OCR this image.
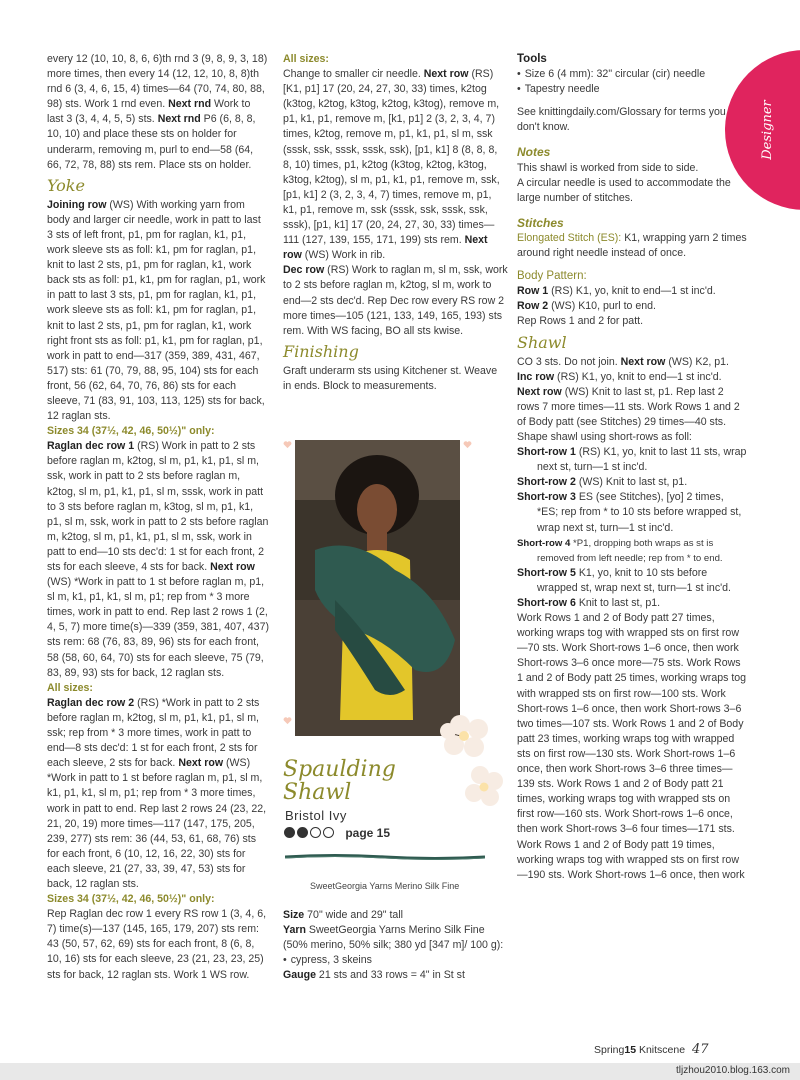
every 12 (10, 10, 8, 6, 6)th rnd 3 (9, 8, 9, 3, 18) more times, then every 14 (12, 12, 10, 8, 8)th rnd 6 (3, 4, 6, 15, 4) times—64 (70, 74, 80, 88, 98) sts. Work 1 rnd even. Next rnd Work to last 3 (3, 4, 4, 5, 5) sts. Next rnd P6 (6, 8, 8, 10, 10) and place these sts on holder for underarm, removing m, purl to end—58 (64, 66, 72, 78, 88) sts rem. Place sts on holder.

Yoke

Joining row (WS) With working yarn from body and larger cir needle, work in patt to last 3 sts of left front, p1, pm for raglan, k1, p1, work sleeve sts as foll: k1, pm for raglan, p1, knit to last 2 sts, p1, pm for raglan, k1, work back sts as foll: p1, k1, pm for raglan, p1, work in patt to last 3 sts, p1, pm for raglan, k1, p1, work sleeve sts as foll: k1, pm for raglan, p1, knit to last 2 sts, p1, pm for raglan, k1, work right front sts as foll: p1, k1, pm for raglan, p1, work in patt to end—317 (359, 389, 431, 467, 517) sts: 61 (70, 79, 88, 95, 104) sts for each front, 56 (62, 64, 70, 76, 86) sts for each sleeve, 71 (83, 91, 103, 113, 125) sts for back, 12 raglan sts.

Sizes 34 (37½, 42, 46, 50½)" only:

Raglan dec row 1 (RS) Work in patt to 2 sts before raglan m, k2tog, sl m, p1, k1, p1, sl m, ssk, work in patt to 2 sts before raglan m, k2tog, sl m, p1, k1, p1, sl m, sssk, work in patt to 3 sts before raglan m, k3tog, sl m, p1, k1, p1, sl m, ssk, work in patt to 2 sts before raglan m, k2tog, sl m, p1, k1, p1, sl m, ssk, work in patt to end—10 sts dec'd: 1 st for each front, 2 sts for each sleeve, 4 sts for back. Next row (WS) *Work in patt to 1 st before raglan m, p1, sl m, k1, p1, k1, sl m, p1; rep from * 3 more times, work in patt to end. Rep last 2 rows 1 (2, 4, 5, 7) more time(s)—339 (359, 381, 407, 437) sts rem: 68 (76, 83, 89, 96) sts for each front, 58 (58, 60, 64, 70) sts for each sleeve, 75 (79, 83, 89, 93) sts for back, 12 raglan sts.

All sizes:

Raglan dec row 2 (RS) *Work in patt to 2 sts before raglan m, k2tog, sl m, p1, k1, p1, sl m, ssk; rep from * 3 more times, work in patt to end—8 sts dec'd: 1 st for each front, 2 sts for each sleeve, 2 sts for back. Next row (WS) *Work in patt to 1 st before raglan m, p1, sl m, k1, p1, k1, sl m, p1; rep from * 3 more times, work in patt to end. Rep last 2 rows 24 (23, 22, 21, 20, 19) more times—117 (147, 175, 205, 239, 277) sts rem: 36 (44, 53, 61, 68, 76) sts for each front, 6 (10, 12, 16, 22, 30) sts for each sleeve, 21 (27, 33, 39, 47, 53) sts for back, 12 raglan sts.

Sizes 34 (37½, 42, 46, 50½)" only:

Rep Raglan dec row 1 every RS row 1 (3, 4, 6, 7) time(s)—137 (145, 165, 179, 207) sts rem: 43 (50, 57, 62, 69) sts for each front, 8 (6, 8, 10, 16) sts for each sleeve, 23 (21, 23, 23, 25) sts for back, 12 raglan sts. Work 1 WS row.

All sizes:

Change to smaller cir needle. Next row (RS) [K1, p1] 17 (20, 24, 27, 30, 33) times, k2tog (k3tog, k2tog, k3tog, k2tog, k3tog), remove m, p1, k1, p1, remove m, [k1, p1] 2 (3, 2, 3, 4, 7) times, k2tog, remove m, p1, k1, p1, sl m, ssk (sssk, ssk, sssk, sssk, ssk), [p1, k1] 8 (8, 8, 8, 8, 10) times, p1, k2tog (k3tog, k2tog, k3tog, k3tog, k2tog), sl m, p1, k1, p1, remove m, ssk, [p1, k1] 2 (3, 2, 3, 4, 7) times, remove m, p1, k1, p1, remove m, ssk (sssk, ssk, sssk, ssk, sssk), [p1, k1] 17 (20, 24, 27, 30, 33) times—111 (127, 139, 155, 171, 199) sts rem. Next row (WS) Work in rib.

Dec row (RS) Work to raglan m, sl m, ssk, work to 2 sts before raglan m, k2tog, sl m, work to end—2 sts dec'd. Rep Dec row every RS row 2 more times—105 (121, 133, 149, 165, 193) sts rem. With WS facing, BO all sts kwise.

Finishing

Graft underarm sts using Kitchener st. Weave in ends. Block to measurements.

Spaulding
Shawl
Bristol Ivy
page 15
SweetGeorgia Yarns Merino Silk Fine

Size 70" wide and 29" tall

Yarn SweetGeorgia Yarns Merino Silk Fine (50% merino, 50% silk; 380 yd [347 m]/ 100 g):

• cypress, 3 skeins

Gauge 21 sts and 33 rows = 4" in St st

Tools

• Size 6 (4 mm): 32" circular (cir) needle

• Tapestry needle

See knittingdaily.com/Glossary for terms you don't know.

Notes

This shawl is worked from side to side.

A circular needle is used to accommodate the large number of stitches.

Stitches

Elongated Stitch (ES): K1, wrapping yarn 2 times around right needle instead of once.

Body Pattern:

Row 1 (RS) K1, yo, knit to end—1 st inc'd.

Row 2 (WS) K10, purl to end.

Rep Rows 1 and 2 for patt.

Shawl

CO 3 sts. Do not join. Next row (WS) K2, p1.

Inc row (RS) K1, yo, knit to end—1 st inc'd.

Next row (WS) Knit to last st, p1. Rep last 2 rows 7 more times—11 sts. Work Rows 1 and 2 of Body patt (see Stitches) 29 times—40 sts. Shape shawl using short-rows as foll:

Short-row 1 (RS) K1, yo, knit to last 11 sts, wrap next st, turn—1 st inc'd.

Short-row 2 (WS) Knit to last st, p1.

Short-row 3 ES (see Stitches), [yo] 2 times, *ES; rep from * to 10 sts before wrapped st, wrap next st, turn—1 st inc'd.

Short-row 4 *P1, dropping both wraps as st is removed from left needle; rep from * to end.

Short-row 5 K1, yo, knit to 10 sts before wrapped st, wrap next st, turn—1 st inc'd.

Short-row 6 Knit to last st, p1.

Work Rows 1 and 2 of Body patt 27 times, working wraps tog with wrapped sts on first row—70 sts. Work Short-rows 1–6 once, then work Short-rows 3–6 once more—75 sts. Work Rows 1 and 2 of Body patt 25 times, working wraps tog with wrapped sts on first row—100 sts. Work Short-rows 1–6 once, then work Short-rows 3–6 two times—107 sts. Work Rows 1 and 2 of Body patt 23 times, working wraps tog with wrapped sts on first row—130 sts. Work Short-rows 1–6 once, then work Short-rows 3–6 three times—139 sts. Work Rows 1 and 2 of Body patt 21 times, working wraps tog with wrapped sts on first row—160 sts. Work Short-rows 1–6 once, then work Short-rows 3–6 four times—171 sts. Work Rows 1 and 2 of Body patt 19 times, working wraps tog with wrapped sts on first row—190 sts. Work Short-rows 1–6 once, then work

Designer
Spring15 Knitscene 47
tljzhou2010.blog.163.com
